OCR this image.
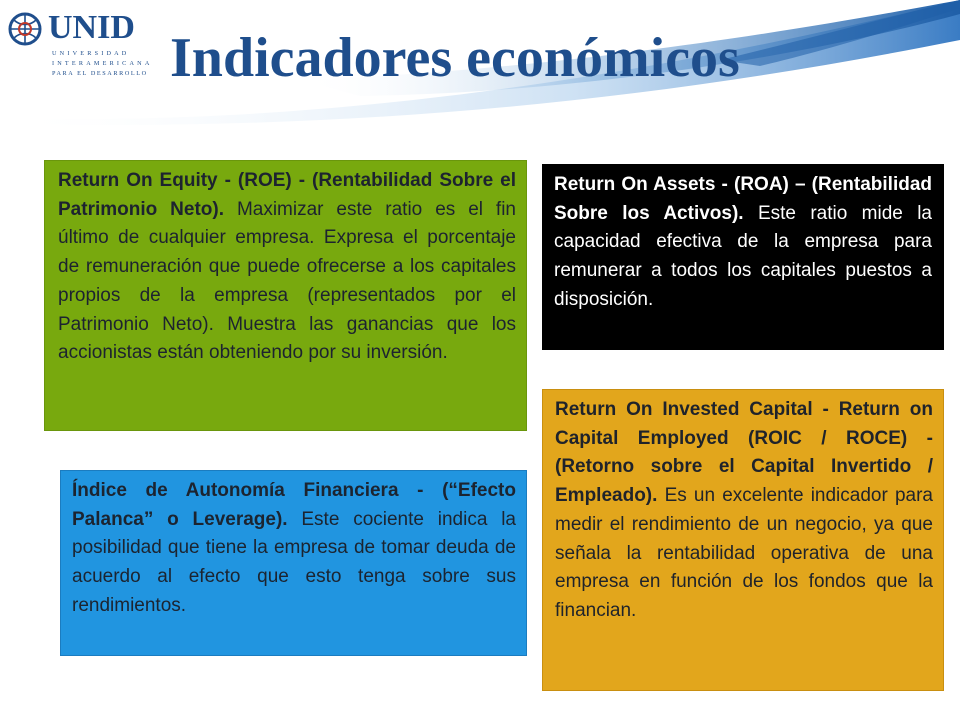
UNID
UNIVERSIDAD
INTERAMERICANA
PARA EL DESARROLLO Indicadores económicos
Return On Equity - (ROE) - (Rentabilidad Sobre el Patrimonio Neto). Maximizar este ratio es el fin último de cualquier empresa. Expresa el porcentaje de remuneración que puede ofrecerse a los capitales propios de la empresa (representados por el Patrimonio Neto). Muestra las ganancias que los accionistas están obteniendo por su inversión.
Return On Assets - (ROA) – (Rentabilidad Sobre los Activos). Este ratio mide la capacidad efectiva de la empresa para remunerar a todos los capitales puestos a disposición.
Índice de Autonomía Financiera - (“Efecto Palanca” o Leverage). Este cociente indica la posibilidad que tiene la empresa de tomar deuda de acuerdo al efecto que esto tenga sobre sus rendimientos.
Return On Invested Capital - Return on Capital Employed (ROIC / ROCE) - (Retorno sobre el Capital Invertido / Empleado). Es un excelente indicador para medir el rendimiento de un negocio, ya que señala la rentabilidad operativa de una empresa en función de los fondos que la financian.
